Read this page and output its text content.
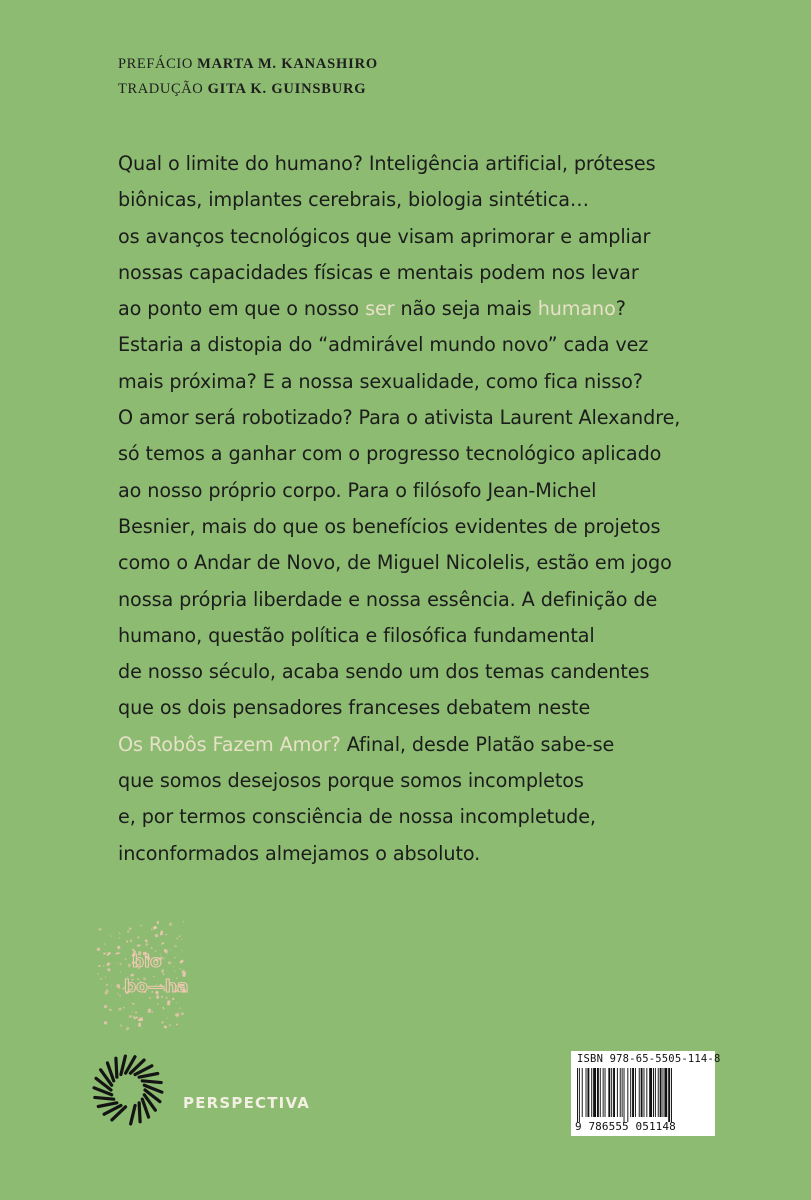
PREFÁCIO MARTA M. KANASHIRO
TRADUÇÃO GITA K. GUINSBURG
Qual o limite do humano? Inteligência artificial, próteses
biônicas, implantes cerebrais, biologia sintética…
os avanços tecnológicos que visam aprimorar e ampliar
nossas capacidades físicas e mentais podem nos levar
ao ponto em que o nosso ser não seja mais humano?
Estaria a distopia do “admirável mundo novo” cada vez
mais próxima? E a nossa sexualidade, como fica nisso?
O amor será robotizado? Para o ativista Laurent Alexandre,
só temos a ganhar com o progresso tecnológico aplicado
ao nosso próprio corpo. Para o filósofo Jean-Michel
Besnier, mais do que os benefícios evidentes de projetos
como o Andar de Novo, de Miguel Nicolelis, estão em jogo
nossa própria liberdade e nossa essência. A definição de
humano, questão política e filosófica fundamental
de nosso século, acaba sendo um dos temas candentes
que os dois pensadores franceses debatem neste
Os Robôs Fazem Amor? Afinal, desde Platão sabe-se
que somos desejosos porque somos incompletos
e, por termos consciência de nossa incompletude,
inconformados almejamos o absoluto.
bio
bo—ha
PERSPECTIVA
ISBN 978-65-5505-114-8
9 786555 051148
